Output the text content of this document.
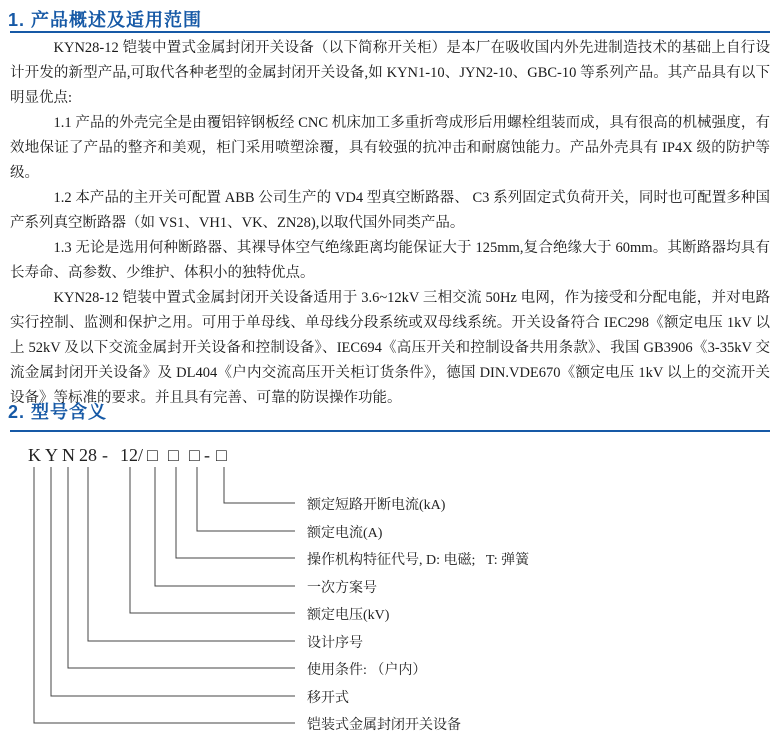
1. 产品概述及适用范围

KYN28-12 铠装中置式金属封闭开关设备（以下简称开关柜）是本厂在吸收国内外先进制造技术的基础上自行设计开发的新型产品,可取代各种老型的金属封闭开关设备,如 KYN1-10、JYN2-10、GBC-10 等系列产品。其产品具有以下明显优点:

1.1 产品的外壳完全是由覆铝锌钢板经 CNC 机床加工多重折弯成形后用螺栓组装而成，具有很高的机械强度，有效地保证了产品的整齐和美观，柜门采用喷塑涂覆，具有较强的抗冲击和耐腐蚀能力。产品外壳具有 IP4X 级的防护等级。

1.2 本产品的主开关可配置 ABB 公司生产的 VD4 型真空断路器、 C3 系列固定式负荷开关，同时也可配置多种国产系列真空断路器（如 VS1、VH1、VK、ZN28),以取代国外同类产品。

1.3 无论是选用何种断路器、其裸导体空气绝缘距离均能保证大于 125mm,复合绝缘大于 60mm。其断路器均具有长寿命、高参数、少维护、体积小的独特优点。

KYN28-12 铠装中置式金属封闭开关设备适用于 3.6~12kV 三相交流 50Hz 电网，作为接受和分配电能，并对电路实行控制、监测和保护之用。可用于单母线、单母线分段系统或双母线系统。开关设备符合 IEC298《额定电压 1kV 以上 52kV 及以下交流金属封开关设备和控制设备》、IEC694《高压开关和控制设备共用条款》、我国 GB3906《3-35kV 交流金属封闭开关设备》及 DL404《户内交流高压开关柜订货条件》，德国 DIN.VDE670《额定电压 1kV 以上的交流开关设备》等标准的要求。并且具有完善、可靠的防误操作功能。

2. 型号含义
K Y N 28 - 12/ □ □ □ - □
额定短路开断电流(kA)
额定电流(A)
操作机构特征代号, D: 电磁;   T: 弹簧
一次方案号
额定电压(kV)
设计序号
使用条件: （户内）
移开式
铠装式金属封闭开关设备
